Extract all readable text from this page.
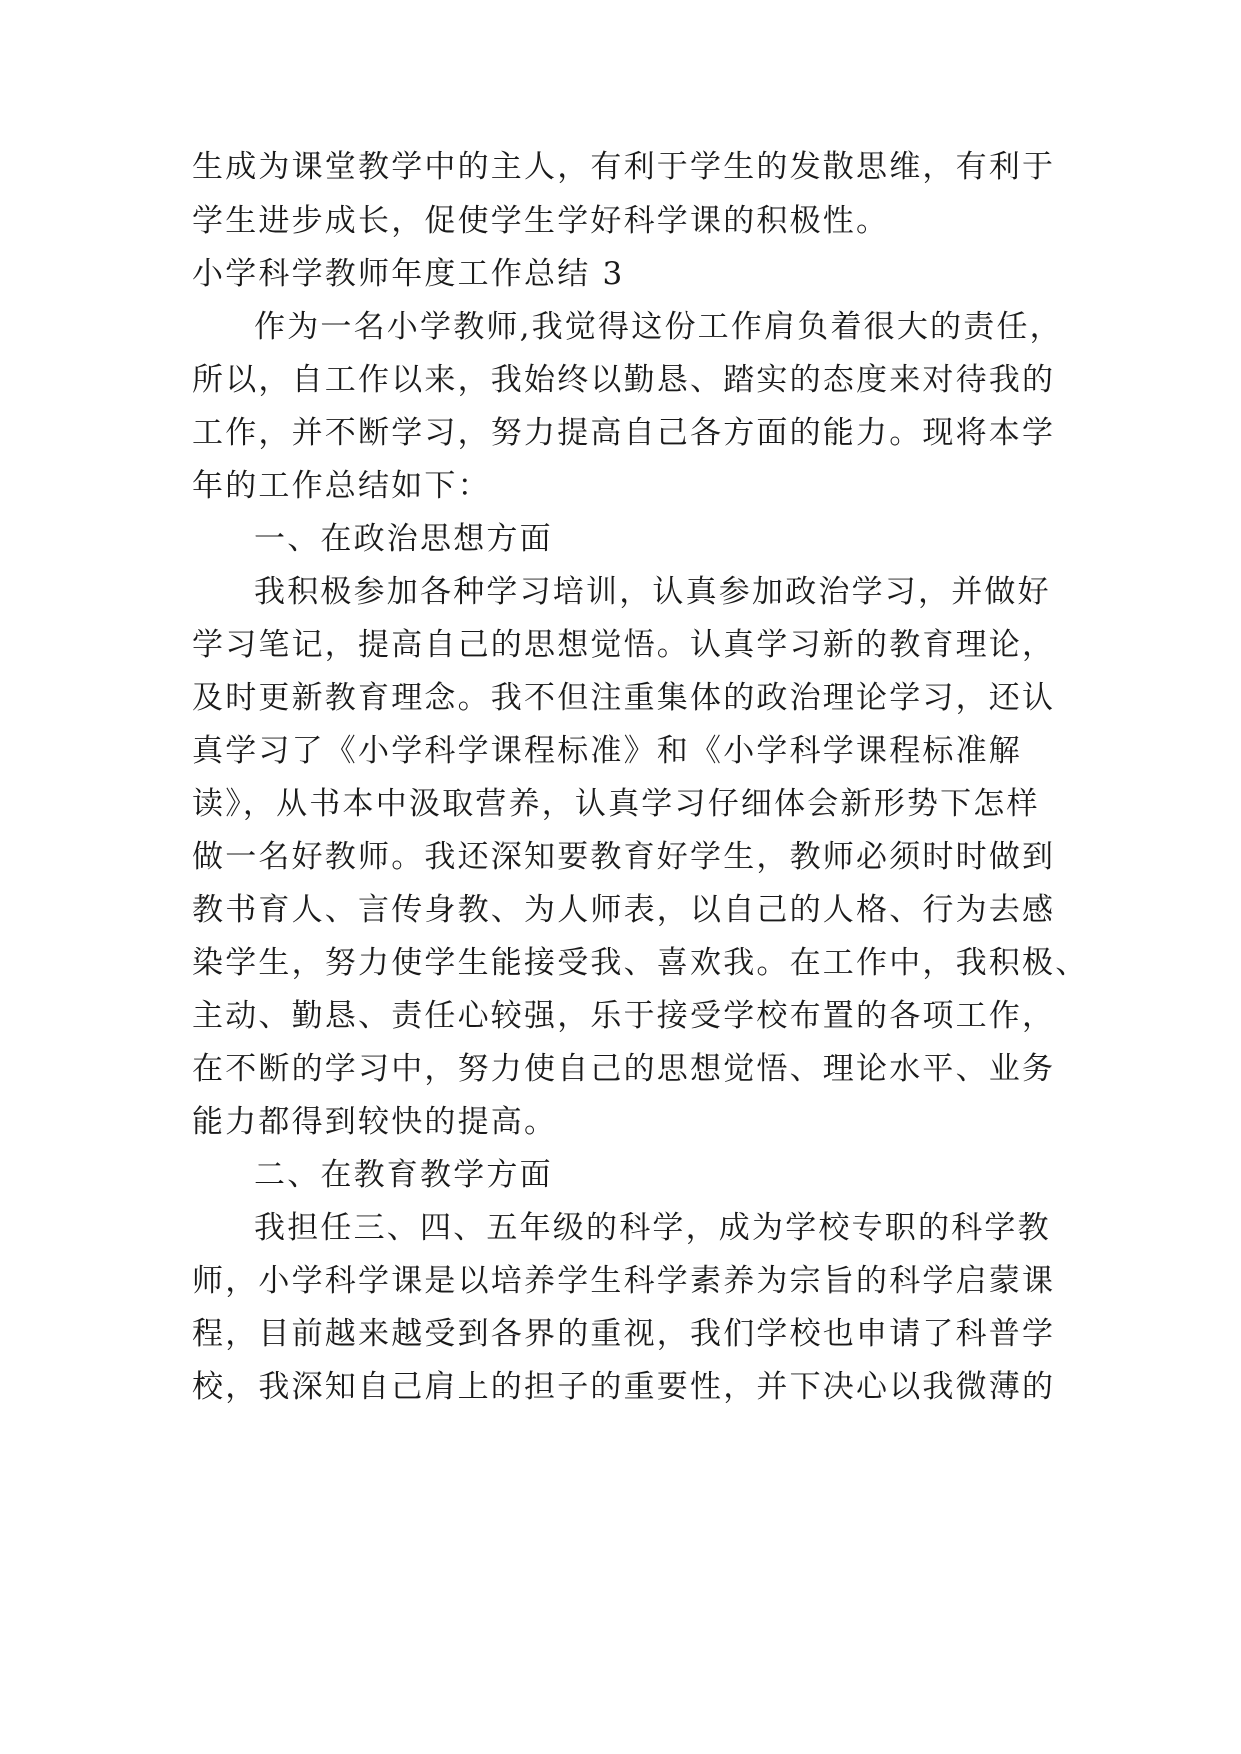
生成为课堂教学中的主人，有利于学生的发散思维，有利于
学生进步成长，促使学生学好科学课的积极性。
小学科学教师年度工作总结 3
作为一名小学教师,我觉得这份工作肩负着很大的责任，
所以，自工作以来，我始终以勤恳、踏实的态度来对待我的
工作，并不断学习，努力提高自己各方面的能力。现将本学
年的工作总结如下：
一、在政治思想方面
我积极参加各种学习培训，认真参加政治学习，并做好
学习笔记，提高自己的思想觉悟。认真学习新的教育理论，
及时更新教育理念。我不但注重集体的政治理论学习，还认
真学习了《小学科学课程标准》和《小学科学课程标准解
读》，从书本中汲取营养，认真学习仔细体会新形势下怎样
做一名好教师。我还深知要教育好学生，教师必须时时做到
教书育人、言传身教、为人师表，以自己的人格、行为去感
染学生，努力使学生能接受我、喜欢我。在工作中，我积极、
主动、勤恳、责任心较强，乐于接受学校布置的各项工作，
在不断的学习中，努力使自己的思想觉悟、理论水平、业务
能力都得到较快的提高。
二、在教育教学方面
我担任三、四、五年级的科学，成为学校专职的科学教
师，小学科学课是以培养学生科学素养为宗旨的科学启蒙课
程，目前越来越受到各界的重视，我们学校也申请了科普学
校，我深知自己肩上的担子的重要性，并下决心以我微薄的
